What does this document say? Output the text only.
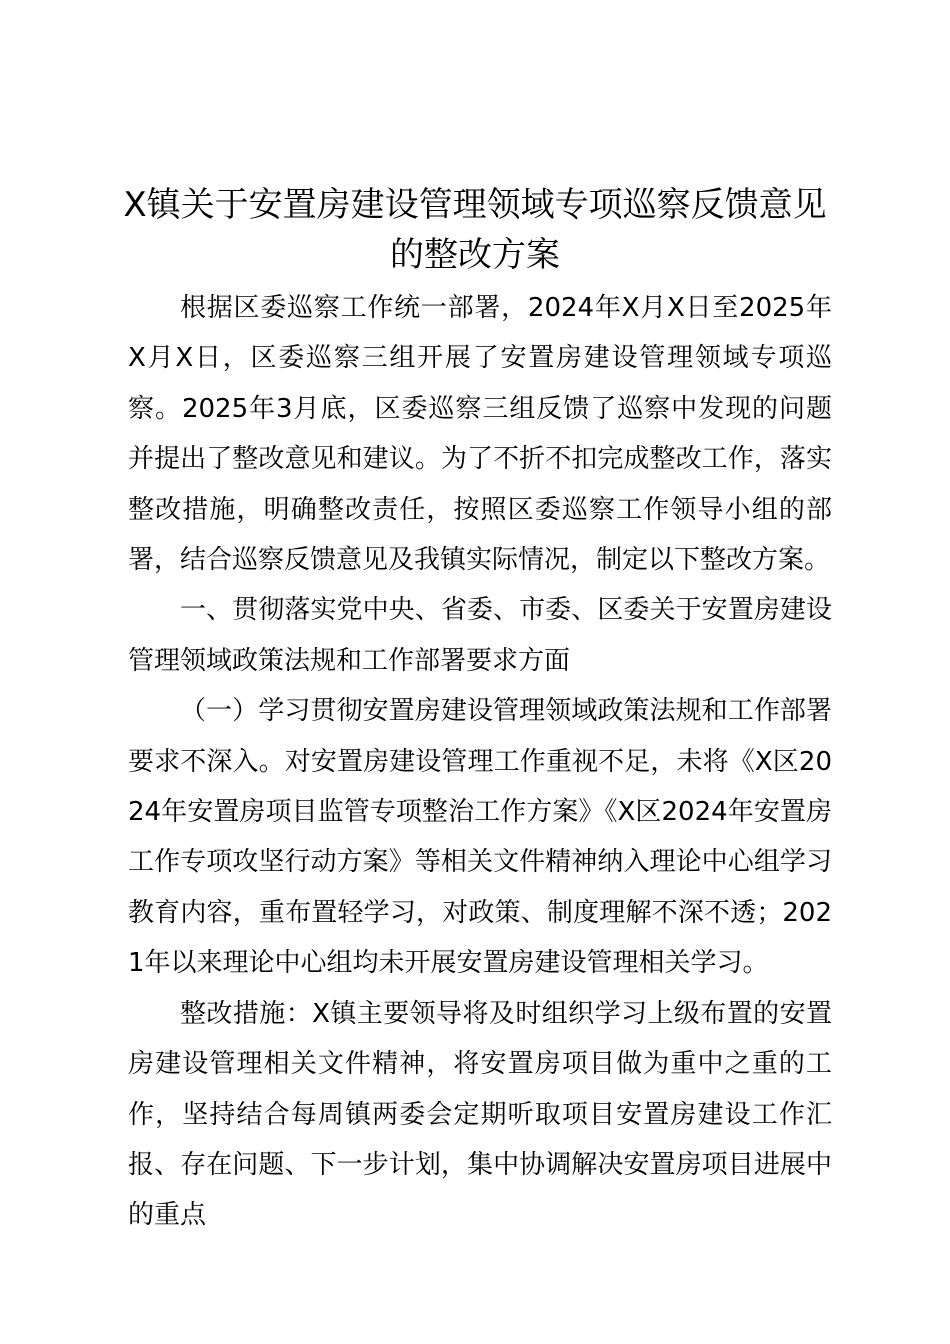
X镇关于安置房建设管理领域专项巡察反馈意见的整改方案

根据区委巡察工作统一部署，2024年X月X日至2025年X月X日，区委巡察三组开展了安置房建设管理领域专项巡察。2025年3月底，区委巡察三组反馈了巡察中发现的问题并提出了整改意见和建议。为了不折不扣完成整改工作，落实整改措施，明确整改责任，按照区委巡察工作领导小组的部署，结合巡察反馈意见及我镇实际情况，制定以下整改方案。

一、贯彻落实党中央、省委、市委、区委关于安置房建设管理领域政策法规和工作部署要求方面

（一）学习贯彻安置房建设管理领域政策法规和工作部署要求不深入。对安置房建设管理工作重视不足，未将《X区2024年安置房项目监管专项整治工作方案》《X区2024年安置房工作专项攻坚行动方案》等相关文件精神纳入理论中心组学习教育内容，重布置轻学习，对政策、制度理解不深不透；2021年以来理论中心组均未开展安置房建设管理相关学习。

整改措施：X镇主要领导将及时组织学习上级布置的安置房建设管理相关文件精神，将安置房项目做为重中之重的工作，坚持结合每周镇两委会定期听取项目安置房建设工作汇报、存在问题、下一步计划，集中协调解决安置房项目进展中的重点
